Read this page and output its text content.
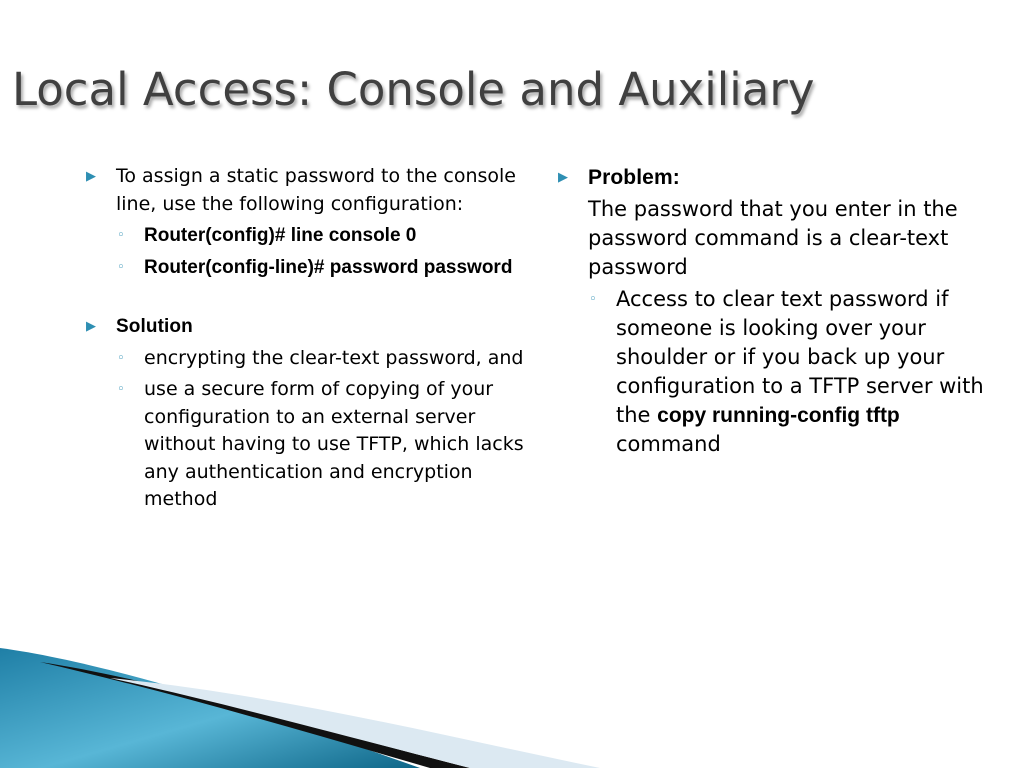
Local Access: Console and Auxiliary
▶ To assign a static password to the console line, use the following configuration:
◦ Router(config)# line console 0
◦ Router(config-line)# password password
▶ Solution
◦ encrypting the clear-text password, and
◦ use a secure form of copying of your configuration to an external server without having to use TFTP, which lacks any authentication and encryption method
▶ Problem:
The password that you enter in the password command is a clear-text password
◦ Access to clear text password if someone is looking over your shoulder or if you back up your configuration to a TFTP server with the copy running-config tftp command
